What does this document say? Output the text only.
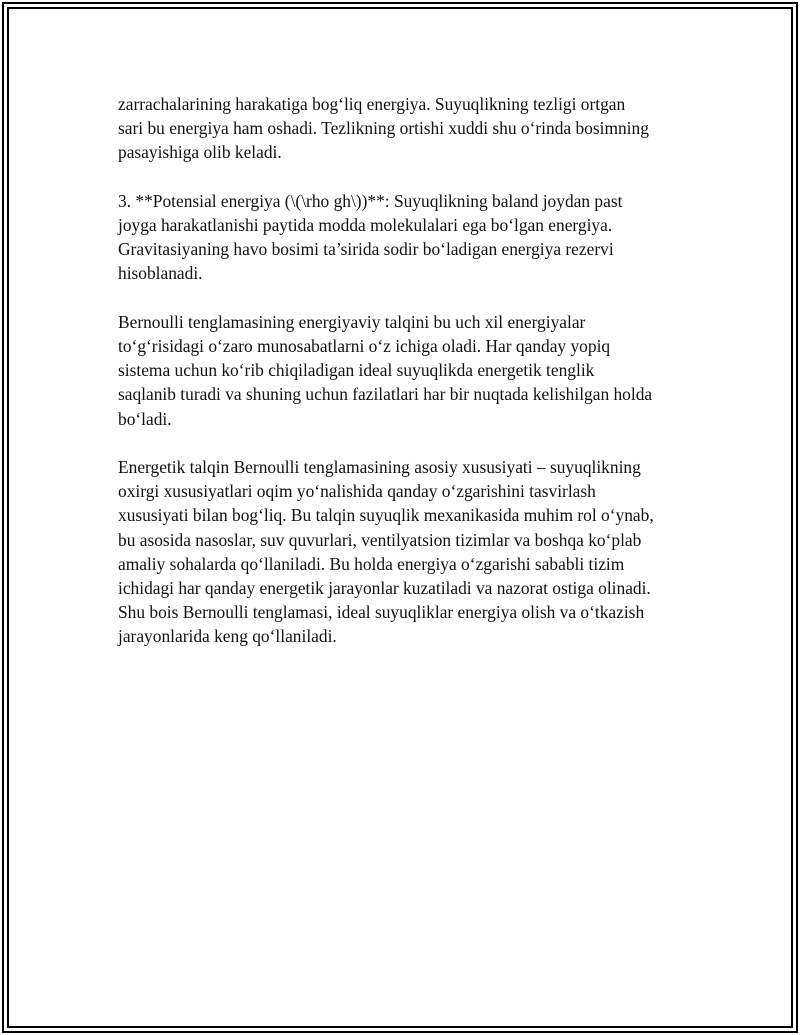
zarrachalarining harakatiga bog‘liq energiya. Suyuqlikning tezligi ortgan
sari bu energiya ham oshadi. Tezlikning ortishi xuddi shu o‘rinda bosimning
pasayishiga olib keladi.

3. **Potensial energiya (\(\rho gh\))**: Suyuqlikning baland joydan past
joyga harakatlanishi paytida modda molekulalari ega bo‘lgan energiya.
Gravitasiyaning havo bosimi ta’sirida sodir bo‘ladigan energiya rezervi
hisoblanadi.

Bernoulli tenglamasining energiyaviy talqini bu uch xil energiyalar
to‘g‘risidagi o‘zaro munosabatlarni o‘z ichiga oladi. Har qanday yopiq
sistema uchun ko‘rib chiqiladigan ideal suyuqlikda energetik tenglik
saqlanib turadi va shuning uchun fazilatlari har bir nuqtada kelishilgan holda
bo‘ladi.

Energetik talqin Bernoulli tenglamasining asosiy xususiyati – suyuqlikning
oxirgi xususiyatlari oqim yo‘nalishida qanday o‘zgarishini tasvirlash
xususiyati bilan bog‘liq. Bu talqin suyuqlik mexanikasida muhim rol o‘ynab,
bu asosida nasoslar, suv quvurlari, ventilyatsion tizimlar va boshqa ko‘plab
amaliy sohalarda qo‘llaniladi. Bu holda energiya o‘zgarishi sababli tizim
ichidagi har qanday energetik jarayonlar kuzatiladi va nazorat ostiga olinadi.
Shu bois Bernoulli tenglamasi, ideal suyuqliklar energiya olish va o‘tkazish
jarayonlarida keng qo‘llaniladi.
